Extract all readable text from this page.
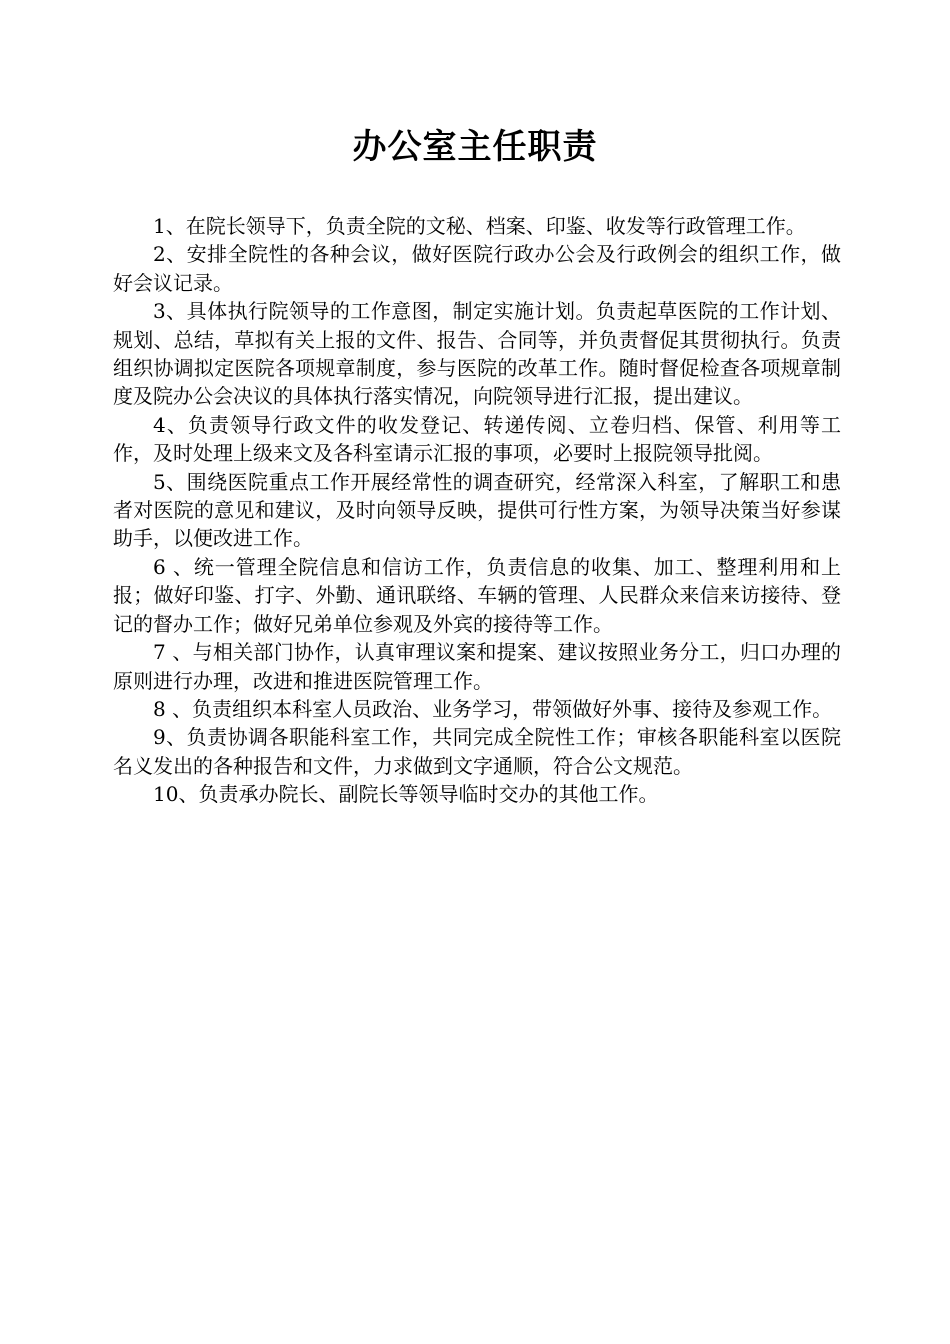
办公室主任职责

1、在院长领导下，负责全院的文秘、档案、印鉴、收发等行政管理工作。

2、安排全院性的各种会议，做好医院行政办公会及行政例会的组织工作，做好会议记录。

3、具体执行院领导的工作意图，制定实施计划。负责起草医院的工作计划、规划、总结，草拟有关上报的文件、报告、合同等，并负责督促其贯彻执行。负责组织协调拟定医院各项规章制度，参与医院的改革工作。随时督促检查各项规章制度及院办公会决议的具体执行落实情况，向院领导进行汇报，提出建议。

4、负责领导行政文件的收发登记、转递传阅、立卷归档、保管、利用等工作，及时处理上级来文及各科室请示汇报的事项，必要时上报院领导批阅。

5、围绕医院重点工作开展经常性的调查研究，经常深入科室，了解职工和患者对医院的意见和建议，及时向领导反映，提供可行性方案，为领导决策当好参谋助手，以便改进工作。

6 、统一管理全院信息和信访工作，负责信息的收集、加工、整理利用和上报；做好印鉴、打字、外勤、通讯联络、车辆的管理、人民群众来信来访接待、登记的督办工作；做好兄弟单位参观及外宾的接待等工作。

7 、与相关部门协作，认真审理议案和提案、建议按照业务分工，归口办理的原则进行办理，改进和推进医院管理工作。

8 、负责组织本科室人员政治、业务学习，带领做好外事、接待及参观工作。

9、负责协调各职能科室工作，共同完成全院性工作；审核各职能科室以医院名义发出的各种报告和文件，力求做到文字通顺，符合公文规范。

10、负责承办院长、副院长等领导临时交办的其他工作。
